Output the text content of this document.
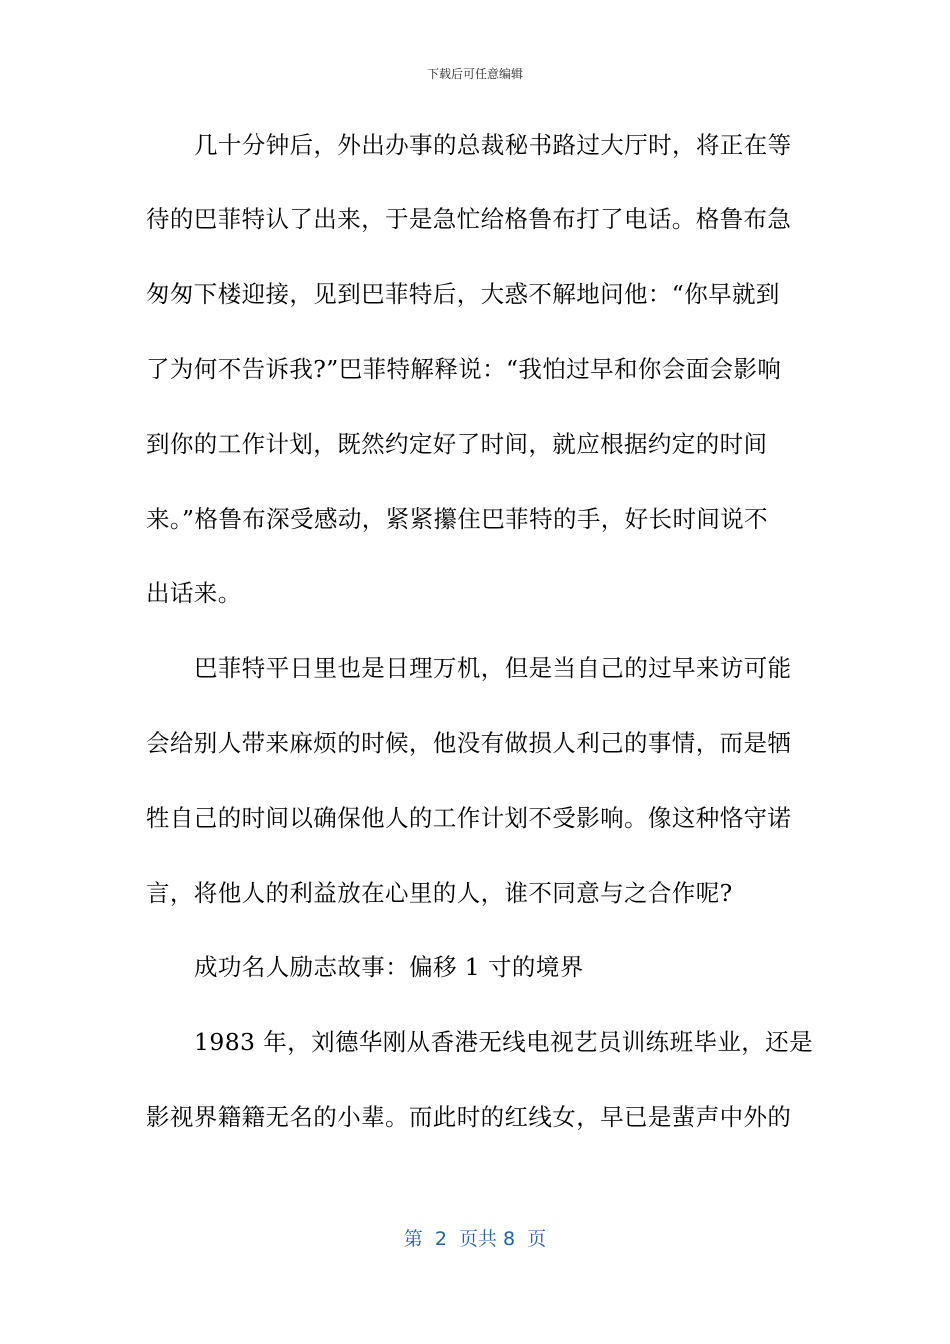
下载后可任意编辑
几十分钟后，外出办事的总裁秘书路过大厅时，将正在等
待的巴菲特认了出来，于是急忙给格鲁布打了电话。格鲁布急
匆匆下楼迎接，见到巴菲特后，大惑不解地问他：“你早就到
了为何不告诉我?”巴菲特解释说：“我怕过早和你会面会影响
到你的工作计划，既然约定好了时间，就应根据约定的时间
来。”格鲁布深受感动，紧紧攥住巴菲特的手，好长时间说不
出话来。
巴菲特平日里也是日理万机，但是当自己的过早来访可能
会给别人带来麻烦的时候，他没有做损人利己的事情，而是牺
牲自己的时间以确保他人的工作计划不受影响。像这种恪守诺
言，将他人的利益放在心里的人，谁不同意与之合作呢?
成功名人励志故事：偏移 1 寸的境界
1983 年，刘德华刚从香港无线电视艺员训练班毕业，还是
影视界籍籍无名的小辈。而此时的红线女，早已是蜚声中外的
第  2  页共 8  页
